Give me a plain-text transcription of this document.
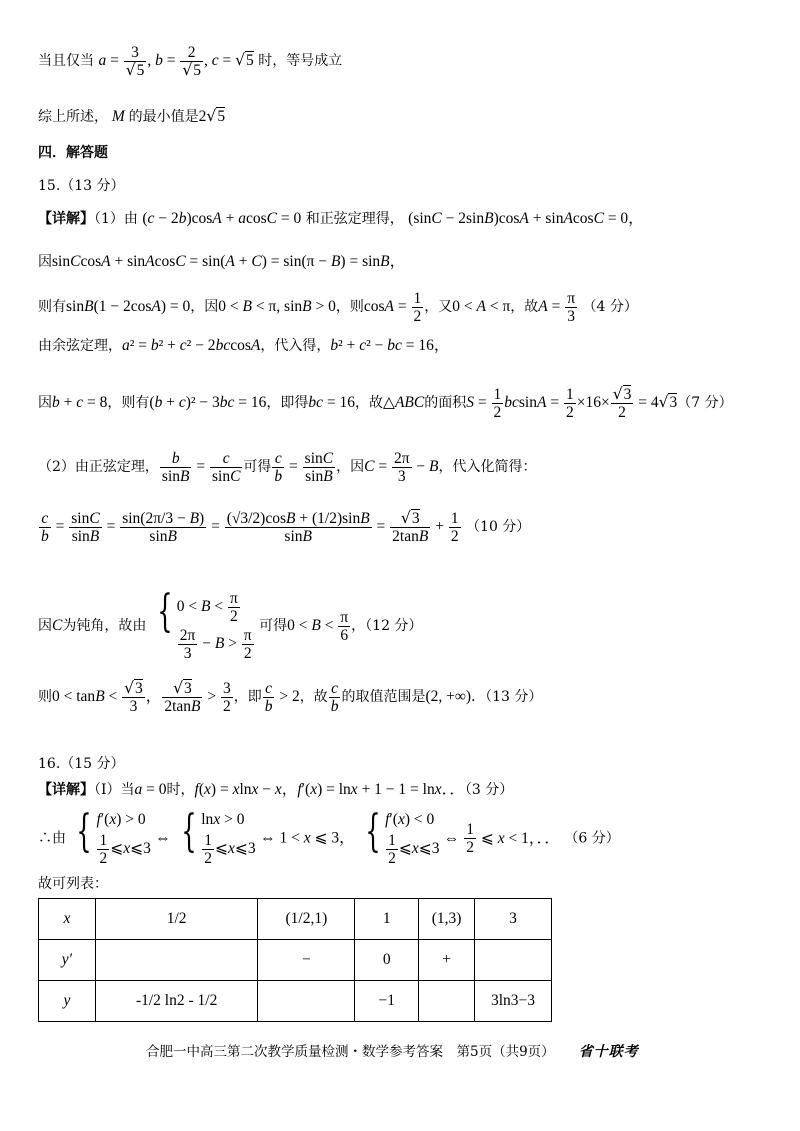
当且仅当 $a = \frac{3}{√5}$ , $b = \frac{2}{√5}$ , c = √5 时，等号成立
综上所述， M 的最小值是2√5
四．解答题
15.（13 分）
【详解】（1）由 (c − 2b)cosA + acosC = 0 和正弦定理得， (sinC − 2sinB)cosA + sinAcosC = 0，
因sinCcosA + sinAcosC = sin(A + C) = sin(π − B) = sinB，
则有sinB(1 − 2cosA) = 0，因0 < B < π, sinB > 0，则$\cos A = \frac{1}{2}$ ，又0 < A < π，故$A = \frac{\pi}{3} (4$ 分）
由余弦定理，a² = b² + c² − 2bccosA，代入得，b² + c² − bc = 16，
因b + c = 8，则有(b + c)² − 3bc = 16，即得bc = 16，故△ABC的面积$S = \frac{1}{2}$ $bcsinA = \frac{1}{2} \times 16\times \frac{√3}{2} = 4√3(7$ 分）
（2）由正弦定理， $\frac{b}{\sin B} = \frac{c}{\sin C}$ 可得 $\frac{c}{b} = \frac{\sin C}{\sin B}$ ，因$C = \frac{2\pi}{3} - B$，代入化简得：
$\frac{c}{b} = \frac{\sin C}{\sin B} = \frac{\sin(2\pi/3 - B)}{\sin B} = \frac{(√3/2)\cos B + (1/2)\sin B}{\sin B} = \frac{√3}{2\tan B} + \frac{1}{2} (10$ 分）
因C为钝角，故由 { $0 < B < \frac{\pi}{2}$
$\frac{2\pi}{3} - B > \frac{\pi}{2}$
可得$0 < B < \frac{\pi}{6}$ ，（12 分）
则$0 < \tan B < \frac{√3}{3}$ ， $\frac{√3}{2\tan B} > \frac{3}{2}$ ，即 $\frac{c}{b} > 2$，故 $\frac{c}{b}$ 的取值范围是(2, +∞)．（13 分）
16.（15 分）
【详解】（Ⅰ）当a = 0时，f(x) = xlnx − x，f′(x) = lnx + 1 − 1 = lnx．．（3 分）
∴由 { f′(x) > 0
$\frac{1}{2}$ ⩽x⩽3
⇔ { lnx > 0
$\frac{1}{2}$ ⩽x⩽3
⇔ 1 < x ⩽ 3， { f′(x) < 0
$\frac{1}{2}$ ⩽x⩽3
⇔ $\frac{1}{2}$ ⩽ x < 1，．． （6 分）
故可列表：
x	1/2	(1/2,1)	1	(1,3)	3
y′		−	0	+	
y	-1/2 ln2 - 1/2		−1		3ln3−3
合肥一中高三第二次教学质量检测・数学参考答案　第5页（共9页） 省十联考
